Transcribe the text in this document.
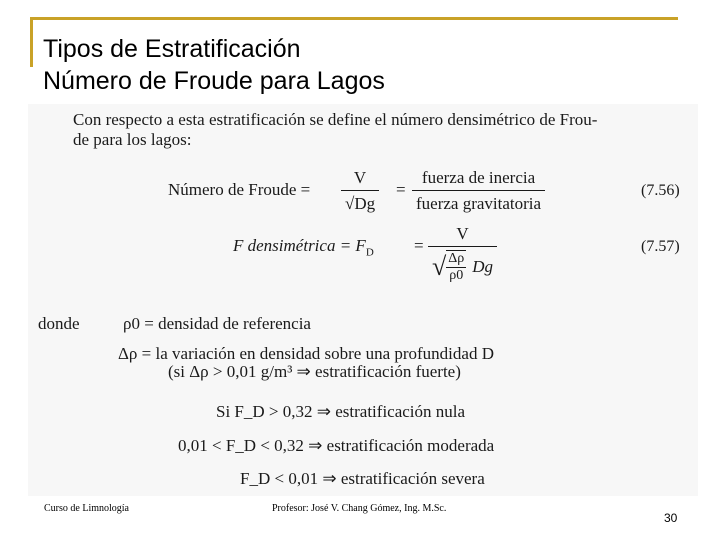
Tipos de Estratificación
Número de Froude para Lagos
Con respecto a esta estratificación se define el número densimétrico de Frou-
de para los lagos:
Número de Froude = $\frac{V}{√Dg}$ =
fuerza de inercia
fuerza gravitatoria
(7.56)
F densimétrica = $F_D = \frac{V}{√ \frac{\Delta\rho}{\rho 0} Dg}$	(7.57)
donde	ρ0 = densidad de referencia
Δρ = la variación en densidad sobre una profundidad D
(si Δρ > 0,01 g/m³ ⇒ estratificación fuerte)
Si F_D > 0,32 ⇒ estratificación nula
0,01 < F_D < 0,32 ⇒ estratificación moderada
F_D < 0,01 ⇒ estratificación severa
Curso de Limnología	Profesor: José V. Chang Gómez, Ing. M.Sc.
30
